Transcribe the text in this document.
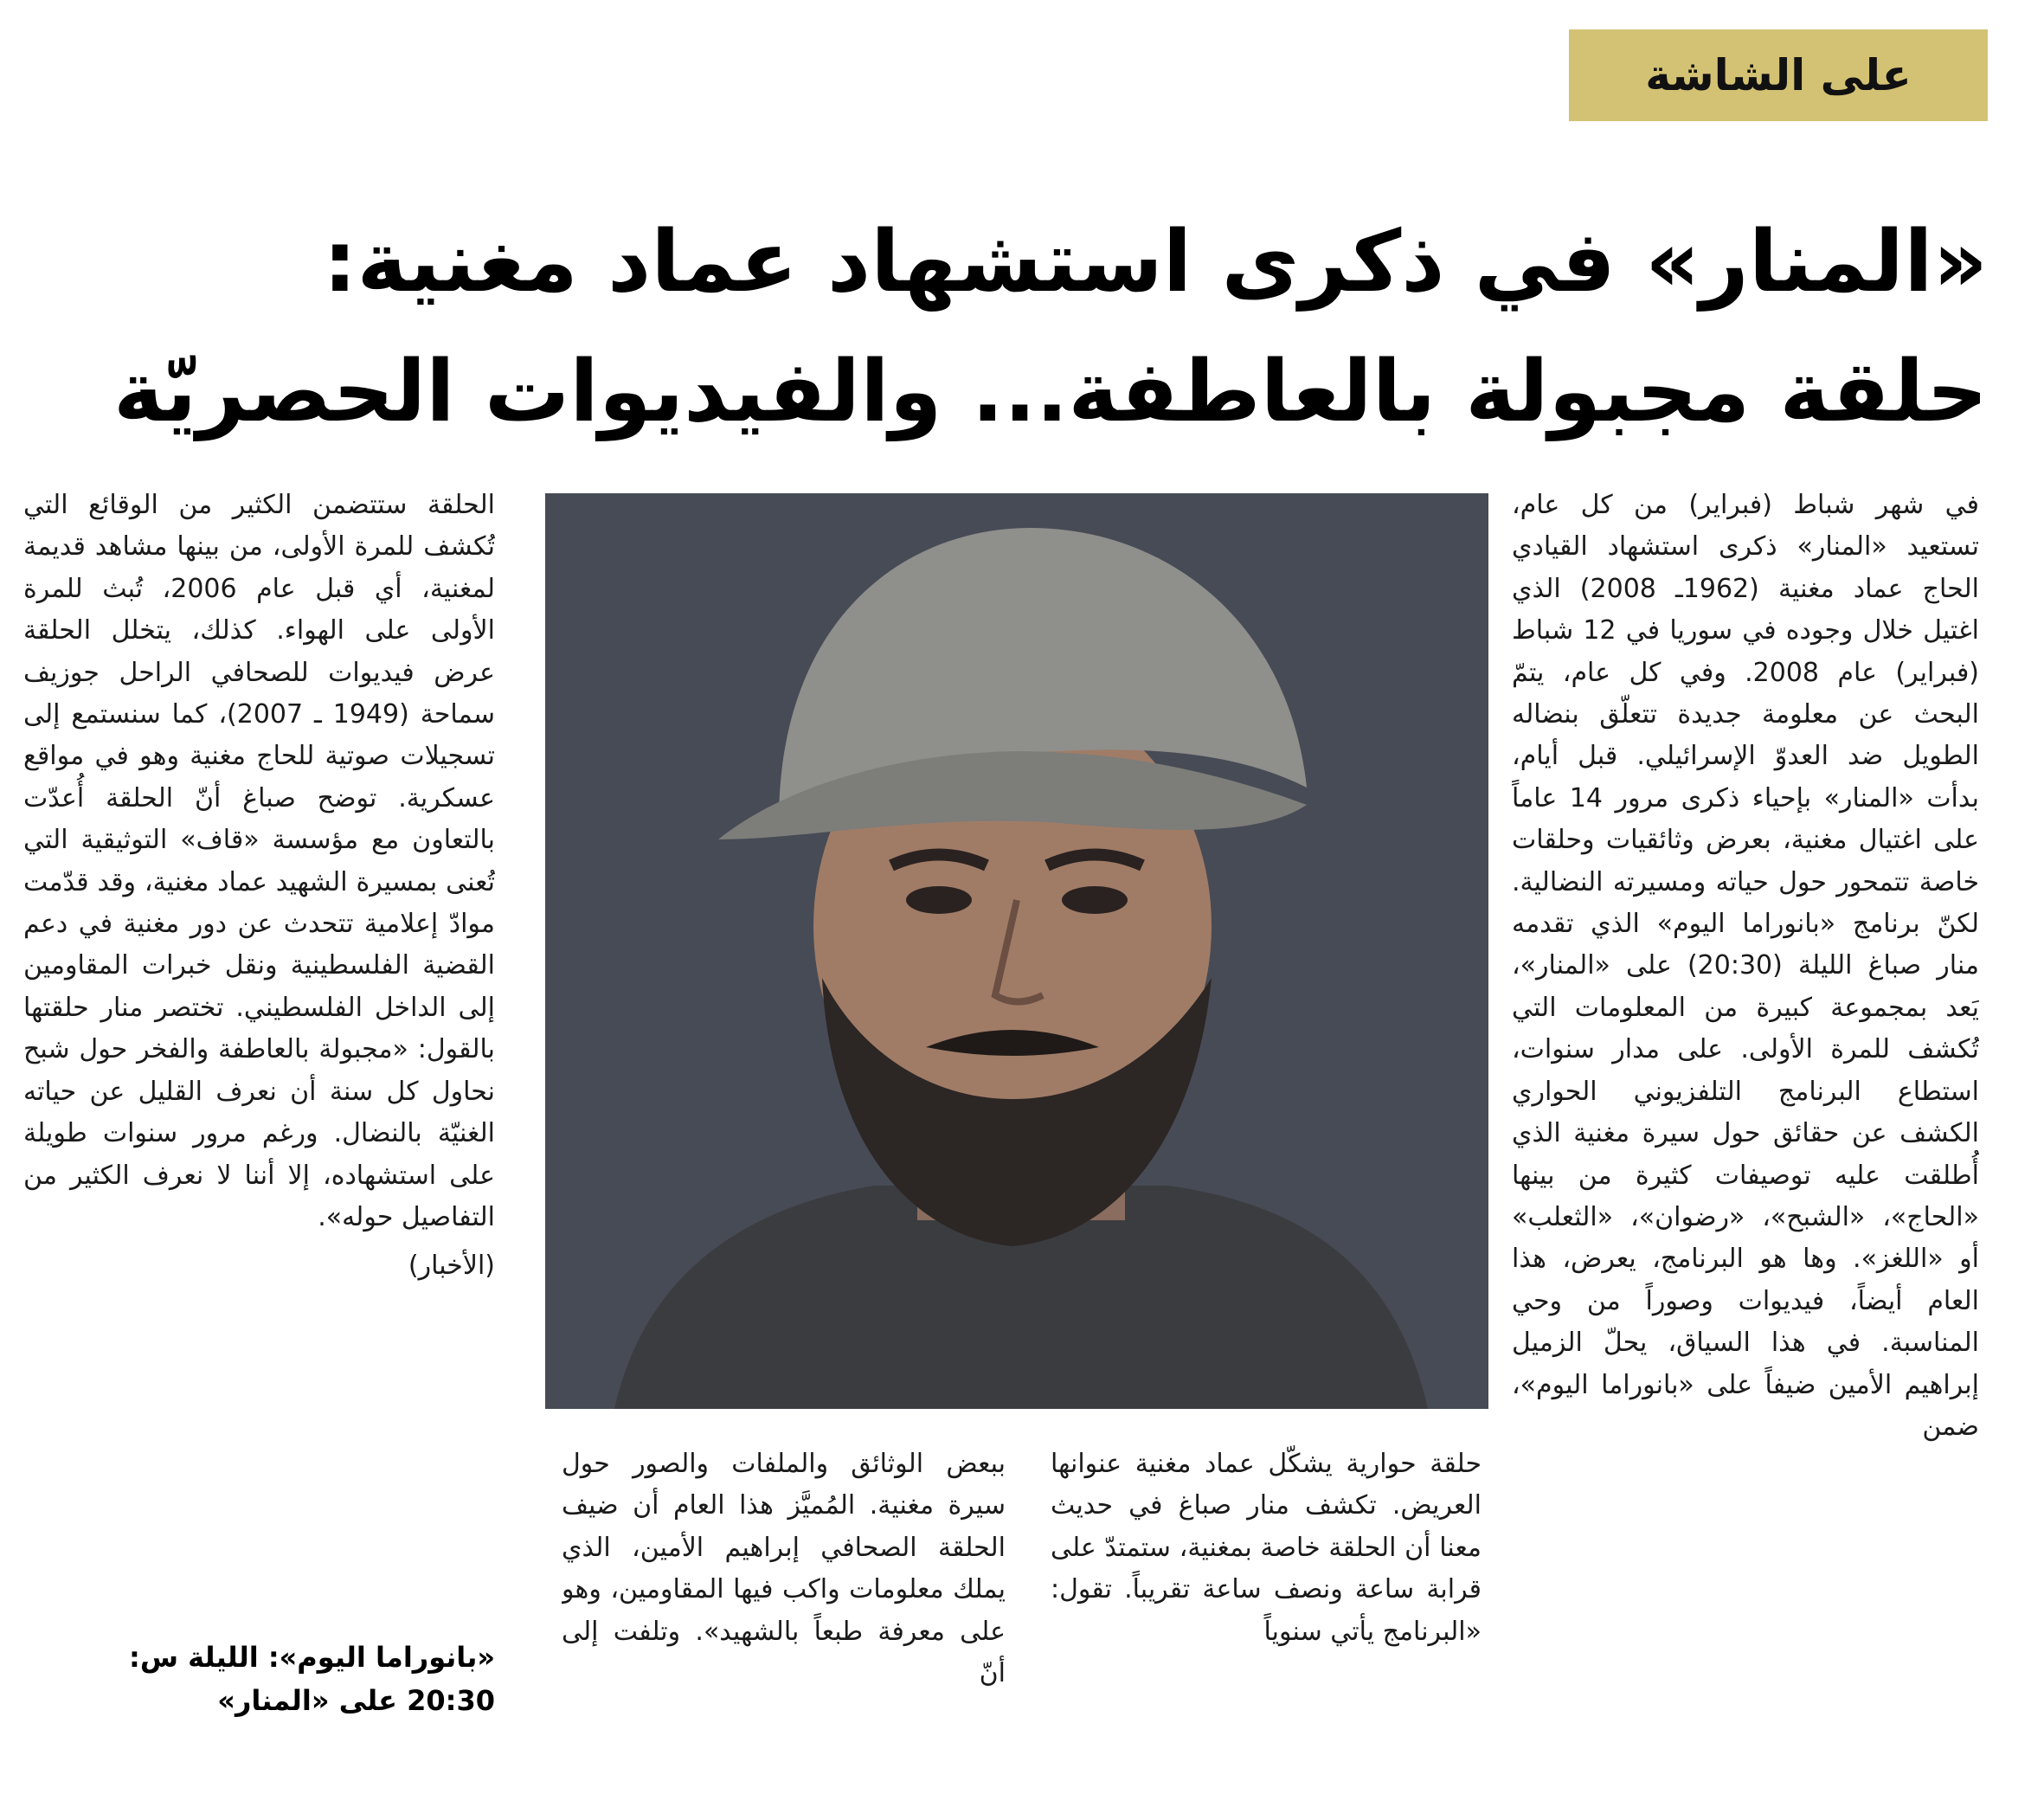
على الشاشة
«المنار» في ذكرى استشهاد عماد مغنية:
حلقة مجبولة بالعاطفة... والفيديوات الحصريّة

في شهر شباط (فبراير) من كل عام، تستعيد «المنار» ذكرى استشهاد القيادي الحاج عماد مغنية (1962ـ 2008) الذي اغتيل خلال وجوده في سوريا في 12 شباط (فبراير) عام 2008. وفي كل عام، يتمّ البحث عن معلومة جديدة تتعلّق بنضاله الطويل ضد العدوّ الإسرائيلي. قبل أيام، بدأت «المنار» بإحياء ذكرى مرور 14 عاماً على اغتيال مغنية، بعرض وثائقيات وحلقات خاصة تتمحور حول حياته ومسيرته النضالية. لكنّ برنامج «بانوراما اليوم» الذي تقدمه منار صباغ الليلة (20:30) على «المنار»، يَعد بمجموعة كبيرة من المعلومات التي تُكشف للمرة الأولى. على مدار سنوات، استطاع البرنامج التلفزيوني الحواري الكشف عن حقائق حول سيرة مغنية الذي أُطلقت عليه توصيفات كثيرة من بينها «الحاج»، «الشبح»، «رضوان»، «الثعلب» أو «اللغز». وها هو البرنامج، يعرض، هذا العام أيضاً، فيديوات وصوراً من وحي المناسبة. في هذا السياق، يحلّ الزميل إبراهيم الأمين ضيفاً على «بانوراما اليوم»، ضمن

حلقة حوارية يشكّل عماد مغنية عنوانها العريض. تكشف منار صباغ في حديث معنا أن الحلقة خاصة بمغنية، ستمتدّ على قرابة ساعة ونصف ساعة تقريباً. تقول: «البرنامج يأتي سنوياً

ببعض الوثائق والملفات والصور حول سيرة مغنية. المُميَّز هذا العام أن ضيف الحلقة الصحافي إبراهيم الأمين، الذي يملك معلومات واكب فيها المقاومين، وهو على معرفة طبعاً بالشهيد». وتلفت إلى أنّ

الحلقة ستتضمن الكثير من الوقائع التي تُكشف للمرة الأولى، من بينها مشاهد قديمة لمغنية، أي قبل عام 2006، تُبث للمرة الأولى على الهواء. كذلك، يتخلل الحلقة عرض فيديوات للصحافي الراحل جوزيف سماحة (1949 ـ 2007)، كما سنستمع إلى تسجيلات صوتية للحاج مغنية وهو في مواقع عسكرية. توضح صباغ أنّ الحلقة أُعدّت بالتعاون مع مؤسسة «قاف» التوثيقية التي تُعنى بمسيرة الشهيد عماد مغنية، وقد قدّمت موادّ إعلامية تتحدث عن دور مغنية في دعم القضية الفلسطينية ونقل خبرات المقاومين إلى الداخل الفلسطيني. تختصر منار حلقتها بالقول: «مجبولة بالعاطفة والفخر حول شبح نحاول كل سنة أن نعرف القليل عن حياته الغنيّة بالنضال. ورغم مرور سنوات طويلة على استشهاده، إلا أننا لا نعرف الكثير من التفاصيل حوله».

(الأخبار)

«بانوراما اليوم»: الليلة س:
20:30 على «المنار»
